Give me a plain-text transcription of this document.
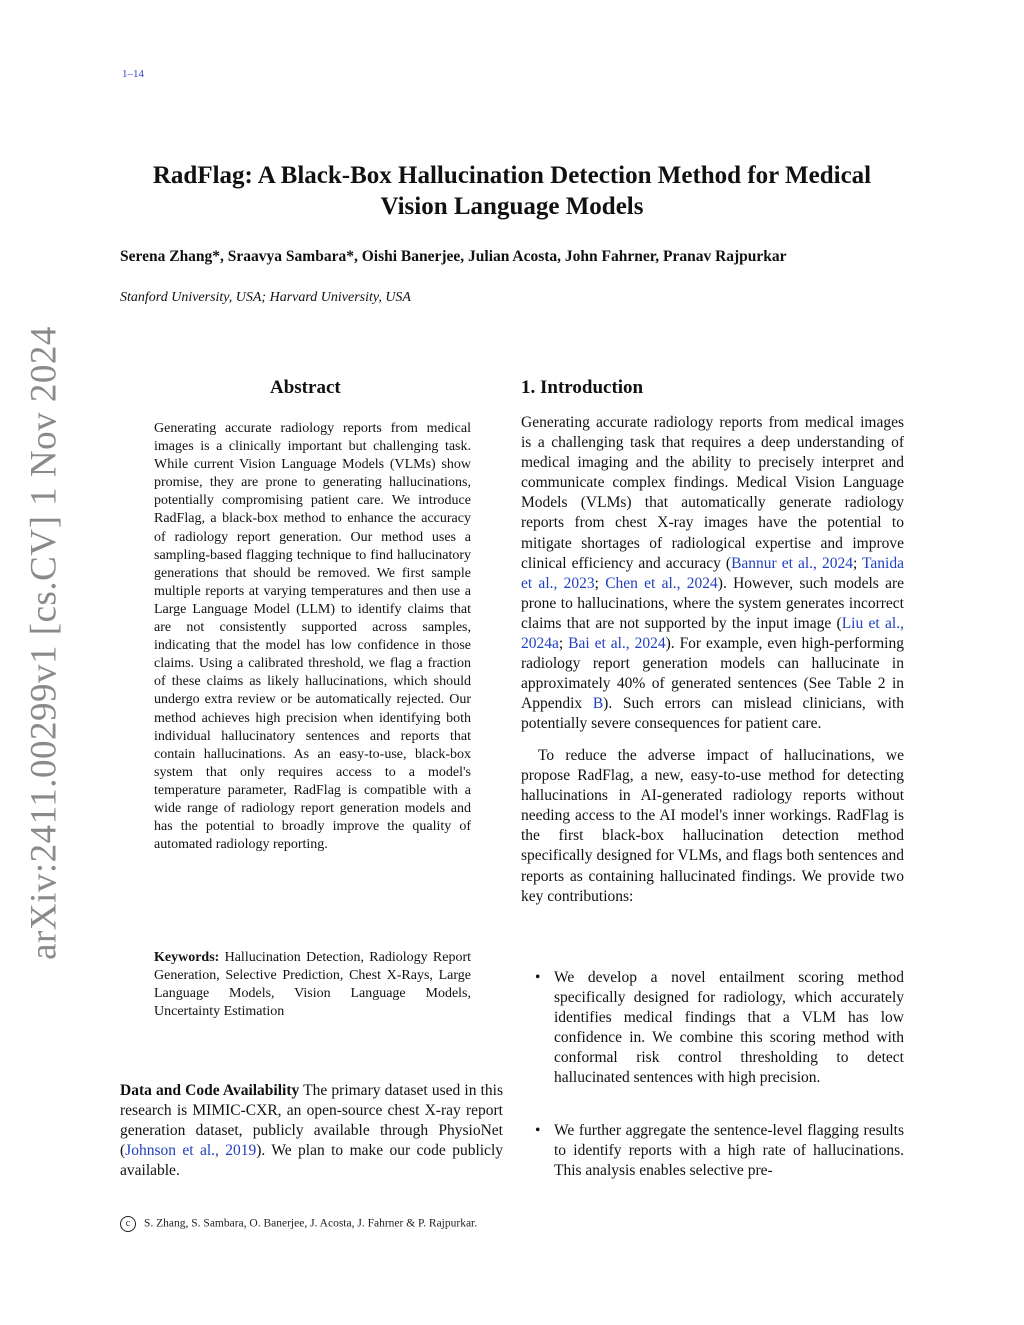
1–14
arXiv:2411.00299v1 [cs.CV] 1 Nov 2024
RadFlag: A Black-Box Hallucination Detection Method for Medical Vision Language Models
Serena Zhang*, Sraavya Sambara*, Oishi Banerjee, Julian Acosta, John Fahrner, Pranav Rajpurkar
Stanford University, USA; Harvard University, USA
Abstract
Generating accurate radiology reports from medical images is a clinically important but challenging task. While current Vision Language Models (VLMs) show promise, they are prone to generating hallucinations, potentially compromising patient care. We introduce RadFlag, a black-box method to enhance the accuracy of radiology report generation. Our method uses a sampling-based flagging technique to find hallucinatory generations that should be removed. We first sample multiple reports at varying temperatures and then use a Large Language Model (LLM) to identify claims that are not consistently supported across samples, indicating that the model has low confidence in those claims. Using a calibrated threshold, we flag a fraction of these claims as likely hallucinations, which should undergo extra review or be automatically rejected. Our method achieves high precision when identifying both individual hallucinatory sentences and reports that contain hallucinations. As an easy-to-use, black-box system that only requires access to a model's temperature parameter, RadFlag is compatible with a wide range of radiology report generation models and has the potential to broadly improve the quality of automated radiology reporting.
Keywords: Hallucination Detection, Radiology Report Generation, Selective Prediction, Chest X-Rays, Large Language Models, Vision Language Models, Uncertainty Estimation
Data and Code Availability The primary dataset used in this research is MIMIC-CXR, an open-source chest X-ray report generation dataset, publicly available through PhysioNet (Johnson et al., 2019). We plan to make our code publicly available.
1. Introduction
Generating accurate radiology reports from medical images is a challenging task that requires a deep understanding of medical imaging and the ability to precisely interpret and communicate complex findings. Medical Vision Language Models (VLMs) that automatically generate radiology reports from chest X-ray images have the potential to mitigate shortages of radiological expertise and improve clinical efficiency and accuracy (Bannur et al., 2024; Tanida et al., 2023; Chen et al., 2024). However, such models are prone to hallucinations, where the system generates incorrect claims that are not supported by the input image (Liu et al., 2024a; Bai et al., 2024). For example, even high-performing radiology report generation models can hallucinate in approximately 40% of generated sentences (See Table 2 in Appendix B). Such errors can mislead clinicians, with potentially severe consequences for patient care.
To reduce the adverse impact of hallucinations, we propose RadFlag, a new, easy-to-use method for detecting hallucinations in AI-generated radiology reports without needing access to the AI model's inner workings. RadFlag is the first black-box hallucination detection method specifically designed for VLMs, and flags both sentences and reports as containing hallucinated findings. We provide two key contributions:
• We develop a novel entailment scoring method specifically designed for radiology, which accurately identifies medical findings that a VLM has low confidence in. We combine this scoring method with conformal risk control thresholding to detect hallucinated sentences with high precision.
• We further aggregate the sentence-level flagging results to identify reports with a high rate of hallucinations. This analysis enables selective pre-
c S. Zhang, S. Sambara, O. Banerjee, J. Acosta, J. Fahrner & P. Rajpurkar.
